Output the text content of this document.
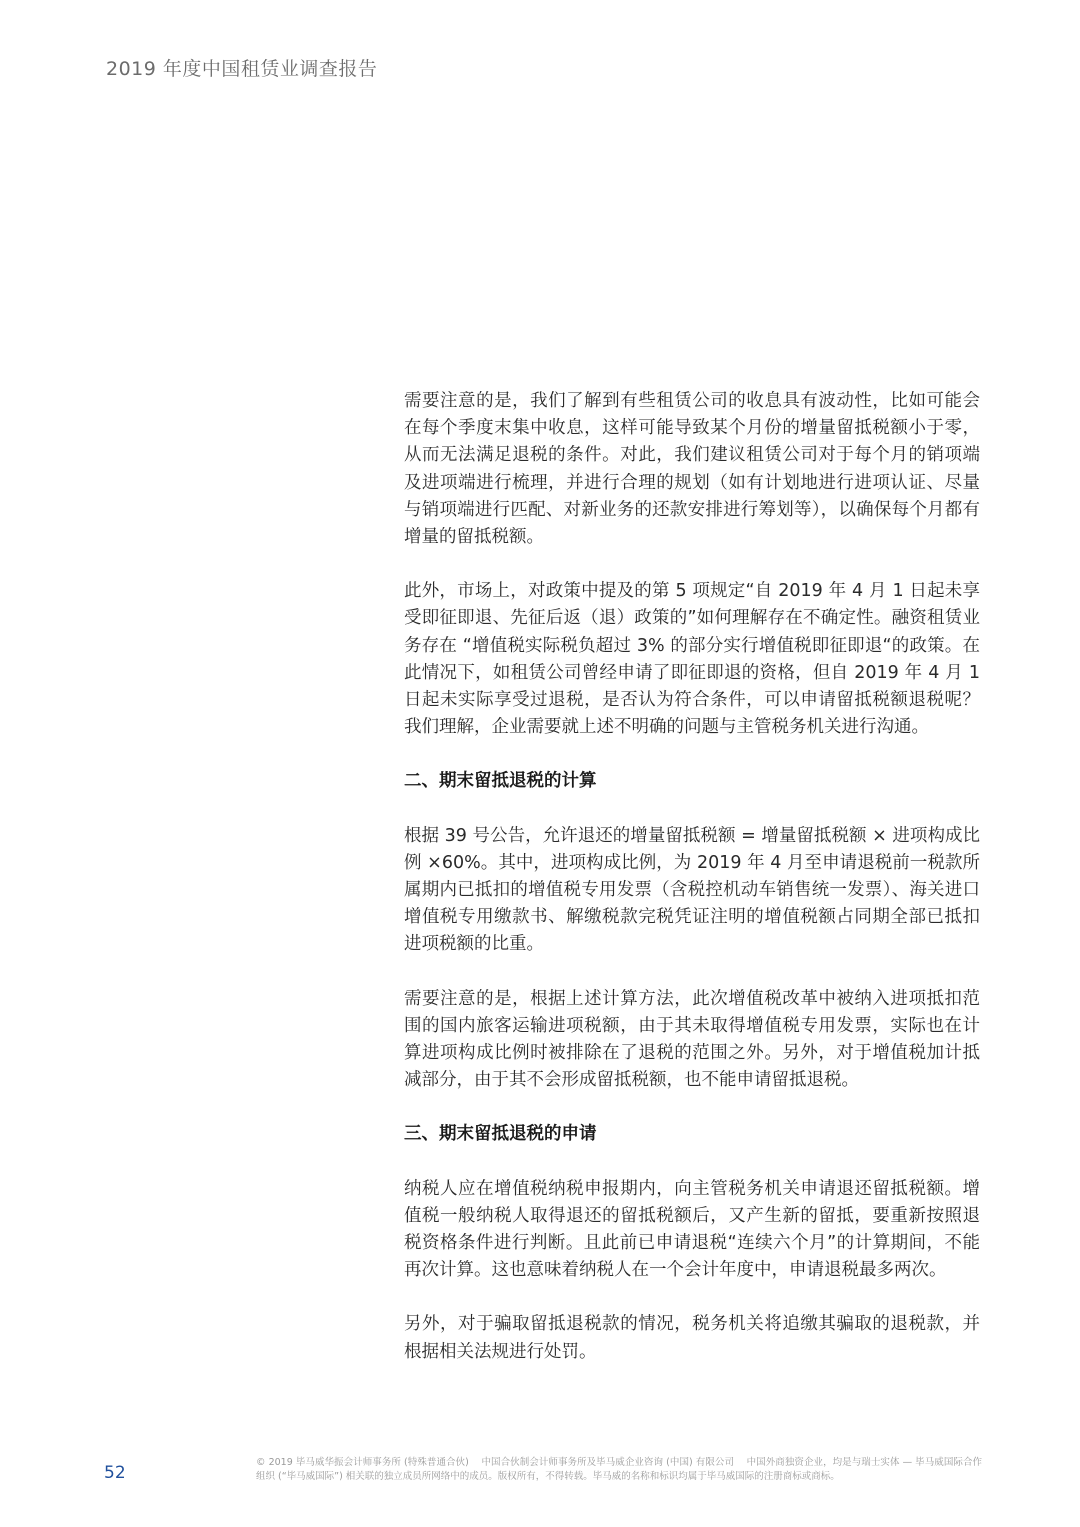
2019 年度中国租赁业调查报告

需要注意的是，我们了解到有些租赁公司的收息具有波动性，比如可能会在每个季度末集中收息，这样可能导致某个月份的增量留抵税额小于零，从而无法满足退税的条件。对此，我们建议租赁公司对于每个月的销项端及进项端进行梳理，并进行合理的规划（如有计划地进行进项认证、尽量与销项端进行匹配、对新业务的还款安排进行筹划等），以确保每个月都有增量的留抵税额。

此外，市场上，对政策中提及的第 5 项规定“自 2019 年 4 月 1 日起未享受即征即退、先征后返（退）政策的”如何理解存在不确定性。融资租赁业务存在 “增值税实际税负超过 3% 的部分实行增值税即征即退“的政策。在此情况下，如租赁公司曾经申请了即征即退的资格，但自 2019 年 4 月 1 日起未实际享受过退税，是否认为符合条件，可以申请留抵税额退税呢？我们理解，企业需要就上述不明确的问题与主管税务机关进行沟通。

二、期末留抵退税的计算

根据 39 号公告，允许退还的增量留抵税额 = 增量留抵税额 × 进项构成比例 ×60%。其中，进项构成比例，为 2019 年 4 月至申请退税前一税款所属期内已抵扣的增值税专用发票（含税控机动车销售统一发票）、海关进口增值税专用缴款书、解缴税款完税凭证注明的增值税额占同期全部已抵扣进项税额的比重。

需要注意的是，根据上述计算方法，此次增值税改革中被纳入进项抵扣范围的国内旅客运输进项税额，由于其未取得增值税专用发票，实际也在计算进项构成比例时被排除在了退税的范围之外。另外，对于增值税加计抵减部分，由于其不会形成留抵税额，也不能申请留抵退税。

三、期末留抵退税的申请

纳税人应在增值税纳税申报期内，向主管税务机关申请退还留抵税额。增值税一般纳税人取得退还的留抵税额后，又产生新的留抵，要重新按照退税资格条件进行判断。且此前已申请退税“连续六个月”的计算期间，不能再次计算。这也意味着纳税人在一个会计年度中，申请退税最多两次。

另外，对于骗取留抵退税款的情况，税务机关将追缴其骗取的退税款，并根据相关法规进行处罚。

52
© 2019 毕马威华振会计师事务所 (特殊普通合伙)　 中国合伙制会计师事务所及毕马威企业咨询 (中国) 有限公司　 中国外商独资企业，均是与瑞士实体 — 毕马威国际合作组织 (“毕马威国际”) 相关联的独立成员所网络中的成员。版权所有，不得转载。毕马威的名称和标识均属于毕马威国际的注册商标或商标。
